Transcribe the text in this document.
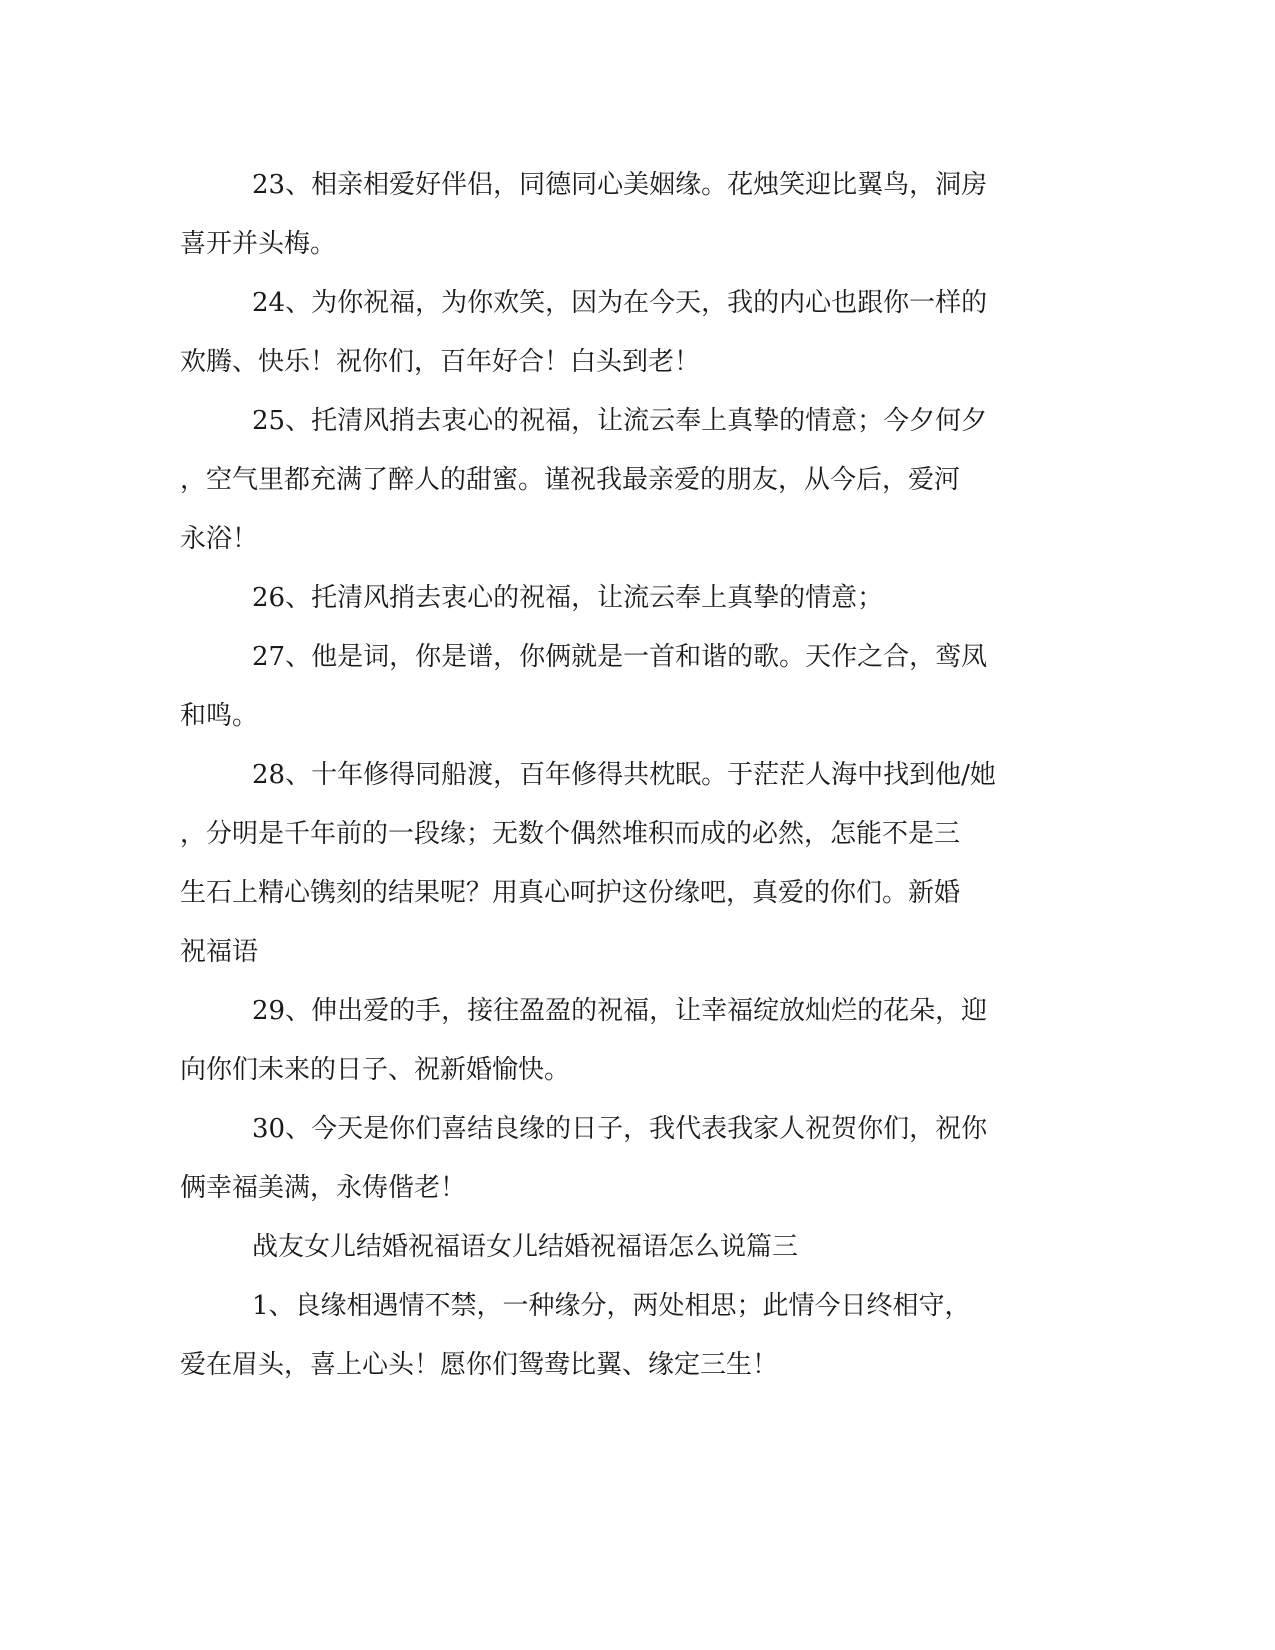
23、相亲相爱好伴侣，同德同心美姻缘。花烛笑迎比翼鸟，洞房
喜开并头梅。
24、为你祝福，为你欢笑，因为在今天，我的内心也跟你一样的
欢腾、快乐！祝你们，百年好合！白头到老！
25、托清风捎去衷心的祝福，让流云奉上真挚的情意；今夕何夕
，空气里都充满了醉人的甜蜜。谨祝我最亲爱的朋友，从今后，爱河
永浴！
26、托清风捎去衷心的祝福，让流云奉上真挚的情意；
27、他是词，你是谱，你俩就是一首和谐的歌。天作之合，鸾凤
和鸣。
28、十年修得同船渡，百年修得共枕眠。于茫茫人海中找到他/她
，分明是千年前的一段缘；无数个偶然堆积而成的必然，怎能不是三
生石上精心镌刻的结果呢？用真心呵护这份缘吧，真爱的你们。新婚
祝福语
29、伸出爱的手，接往盈盈的祝福，让幸福绽放灿烂的花朵，迎
向你们未来的日子、祝新婚愉快。
30、今天是你们喜结良缘的日子，我代表我家人祝贺你们，祝你
俩幸福美满，永俦偕老！
战友女儿结婚祝福语女儿结婚祝福语怎么说篇三
1、良缘相遇情不禁，一种缘分，两处相思；此情今日终相守，
爱在眉头，喜上心头！愿你们鸳鸯比翼、缘定三生！
